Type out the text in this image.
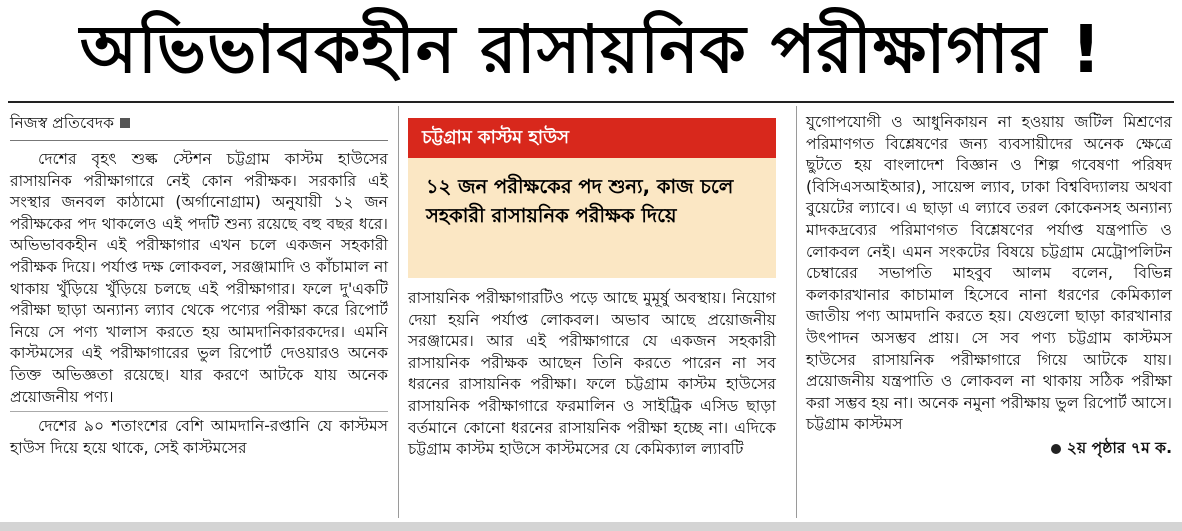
অভিভাবকহীন রাসায়নিক পরীক্ষাগার !
নিজস্ব প্রতিবেদক

দেশের বৃহৎ শুল্ক স্টেশন চট্টগ্রাম কাস্টম হাউসের রাসায়নিক পরীক্ষাগারে নেই কোন পরীক্ষক। সরকারি এই সংস্থার জনবল কাঠামো (অর্গানোগ্রাম) অনুযায়ী ১২ জন পরীক্ষকের পদ থাকলেও এই পদটি শুন্য রয়েছে বহু বছর ধরে। অভিভাবকহীন এই পরীক্ষাগার এখন চলে একজন সহকারী পরীক্ষক দিয়ে। পর্যাপ্ত দক্ষ লোকবল, সরঞ্জামাদি ও কাঁচামাল না থাকায় খুঁড়িয়ে খুঁড়িয়ে চলছে এই পরীক্ষাগার। ফলে দু'একটি পরীক্ষা ছাড়া অন্যান্য ল্যাব থেকে পণ্যের পরীক্ষা করে রিপোর্ট নিয়ে সে পণ্য খালাস করতে হয় আমদানিকারকদের। এমনি কাস্টমসের এই পরীক্ষাগারের ভুল রিপোর্ট দেওয়ারও অনেক তিক্ত অভিজ্ঞতা রয়েছে। যার করণে আটকে যায় অনেক প্রয়োজনীয় পণ্য।

দেশের ৯০ শতাংশের বেশি আমদানি-রপ্তানি যে কাস্টমস হাউস দিয়ে হয়ে থাকে, সেই কাস্টমসের

চট্টগ্রাম কাস্টম হাউস
১২ জন পরীক্ষকের পদ শুন্য, কাজ চলে সহকারী রাসায়নিক পরীক্ষক দিয়ে

রাসায়নিক পরীক্ষাগারটিও পড়ে আছে মুমূর্ষু অবস্থায়। নিয়োগ দেয়া হয়নি পর্যাপ্ত লোকবল। অভাব আছে প্রয়োজনীয় সরঞ্জামের। আর এই পরীক্ষাগারে যে একজন সহকারী রাসায়নিক পরীক্ষক আছেন তিনি করতে পারেন না সব ধরনের রাসায়নিক পরীক্ষা। ফলে চট্টগ্রাম কাস্টম হাউসের রাসায়নিক পরীক্ষাগারে ফরমালিন ও সাইট্রিক এসিড ছাড়া বর্তমানে কোনো ধরনের রাসায়নিক পরীক্ষা হচ্ছে না। এদিকে চট্টগ্রাম কাস্টম হাউসে কাস্টমসের যে কেমিক্যাল ল্যাবটি

যুগোপযোগী ও আধুনিকায়ন না হওয়ায় জটিল মিশ্রণের পরিমাণগত বিশ্লেষণের জন্য ব্যবসায়ীদের অনেক ক্ষেত্রে ছুটতে হয় বাংলাদেশ বিজ্ঞান ও শিল্প গবেষণা পরিষদ (বিসিএসআইআর), সায়েন্স ল্যাব, ঢাকা বিশ্ববিদ্যালয় অথবা বুয়েটের ল্যাবে। এ ছাড়া এ ল্যাবে তরল কোকেনসহ অন্যান্য মাদকদ্রব্যের পরিমাণগত বিশ্লেষণের পর্যাপ্ত যন্ত্রপাতি ও লোকবল নেই। এমন সংকটের বিষয়ে চট্টগ্রাম মেট্রোপলিটন চেম্বারের সভাপতি মাহবুব আলম বলেন, বিভিন্ন কলকারখানার কাচামাল হিসেবে নানা ধরণের কেমিক্যাল জাতীয় পণ্য আমদানি করতে হয়। যেগুলো ছাড়া কারখানার উৎপাদন অসম্ভব প্রায়। সে সব পণ্য চট্টগ্রাম কাস্টমস হাউসের রাসায়নিক পরীক্ষাগারে গিয়ে আটকে যায়। প্রয়োজনীয় যন্ত্রপাতি ও লোকবল না থাকায় সঠিক পরীক্ষা করা সম্ভব হয় না। অনেক নমুনা পরীক্ষায় ভুল রিপোর্ট আসে। চট্টগ্রাম কাস্টমস

২য় পৃষ্ঠার ৭ম ক.
